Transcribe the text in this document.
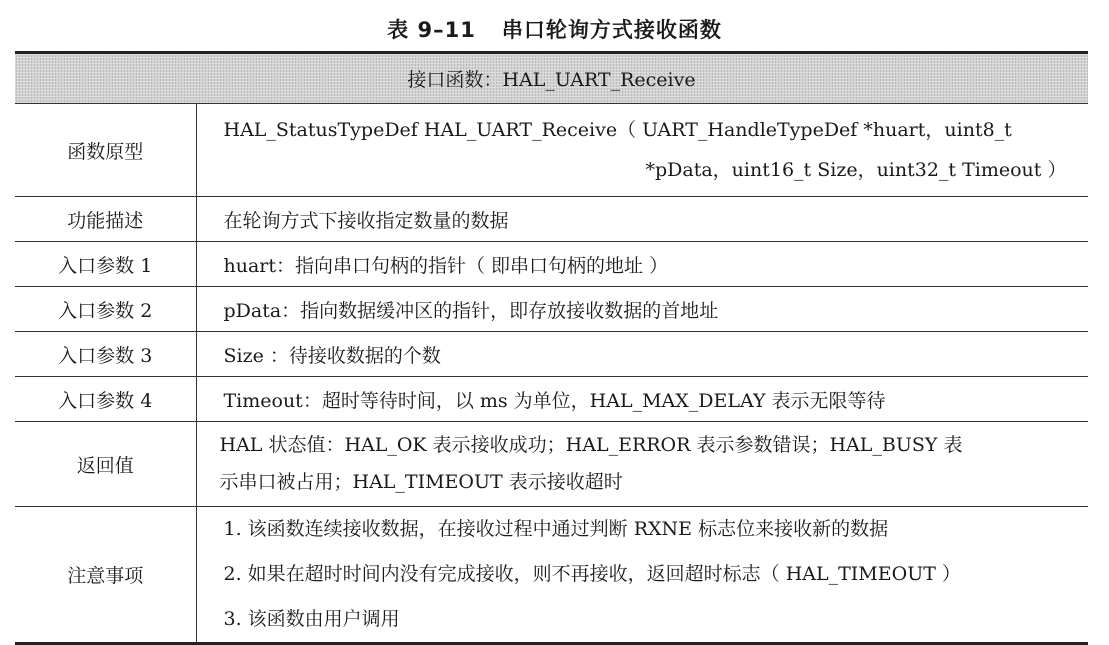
表 9–11 串口轮询方式接收函数
接口函数：HAL_UART_Receive	
函数原型	HAL_StatusTypeDef HAL_UART_Receive（ UART_HandleTypeDef *huart，uint8_t
*pData，uint16_t Size，uint32_t Timeout ）

功能描述	在轮询方式下接收指定数量的数据
入口参数 1	huart：指向串口句柄的指针（ 即串口句柄的地址 ）
入口参数 2	pData：指向数据缓冲区的指针，即存放接收数据的首地址
入口参数 3	Size ：待接收数据的个数
入口参数 4	Timeout：超时等待时间，以 ms 为单位，HAL_MAX_DELAY 表示无限等待
返回值	HAL 状态值：HAL_OK 表示接收成功；HAL_ERROR 表示参数错误；HAL_BUSY 表
示串口被占用；HAL_TIMEOUT 表示接收超时

注意事项	1. 该函数连续接收数据，在接收过程中通过判断 RXNE 标志位来接收新的数据
2. 如果在超时时间内没有完成接收，则不再接收，返回超时标志（ HAL_TIMEOUT ）
3. 该函数由用户调用
